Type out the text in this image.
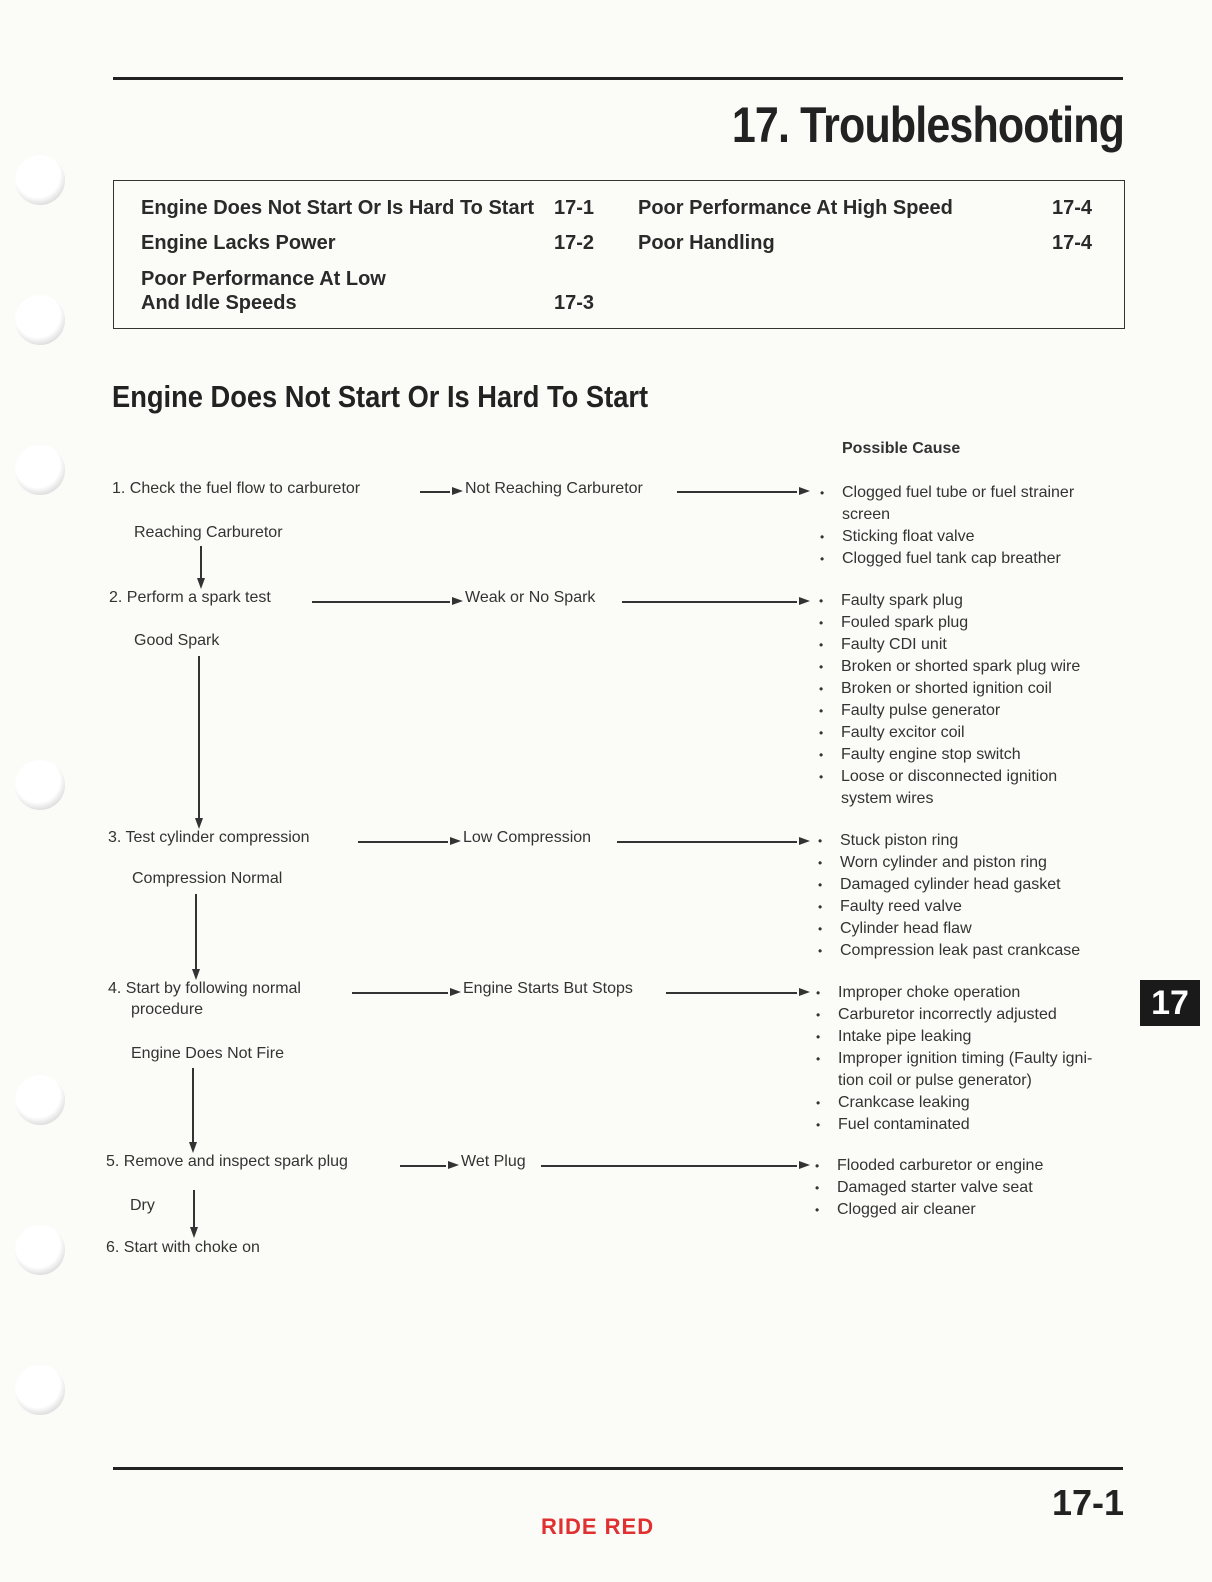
17. Troubleshooting
Engine Does Not Start Or Is Hard To Start 17-1
Engine Lacks Power	17-2
Poor Performance At Low
And Idle Speeds	17-3
Poor Performance At High Speed	17-4
Poor Handling	17-4
Engine Does Not Start Or Is Hard To Start
Possible Cause
1. Check the fuel flow to carburetor	Not Reaching Carburetor	• Clogged fuel tube or fuel strainer
screen
• Sticking float valve
• Clogged fuel tank cap breather
Reaching Carburetor
2. Perform a spark test	Weak or No Spark	• Faulty spark plug
• Fouled spark plug
• Faulty CDI unit
• Broken or shorted spark plug wire
• Broken or shorted ignition coil
• Faulty pulse generator
• Faulty excitor coil
• Faulty engine stop switch
• Loose or disconnected ignition
system wires
Good Spark
3. Test cylinder compression	Low Compression	• Stuck piston ring
• Worn cylinder and piston ring
• Damaged cylinder head gasket
• Faulty reed valve
• Cylinder head flaw
• Compression leak past crankcase
Compression Normal
4. Start by following normal
procedure
Engine Starts But Stops	• Improper choke operation
• Carburetor incorrectly adjusted
• Intake pipe leaking
• Improper ignition timing (Faulty igni-
tion coil or pulse generator)
• Crankcase leaking
• Fuel contaminated
Engine Does Not Fire
5. Remove and inspect spark plug	Wet Plug	• Flooded carburetor or engine
• Damaged starter valve seat
• Clogged air cleaner
Dry
6. Start with choke on
17
17-1
RIDE RED
